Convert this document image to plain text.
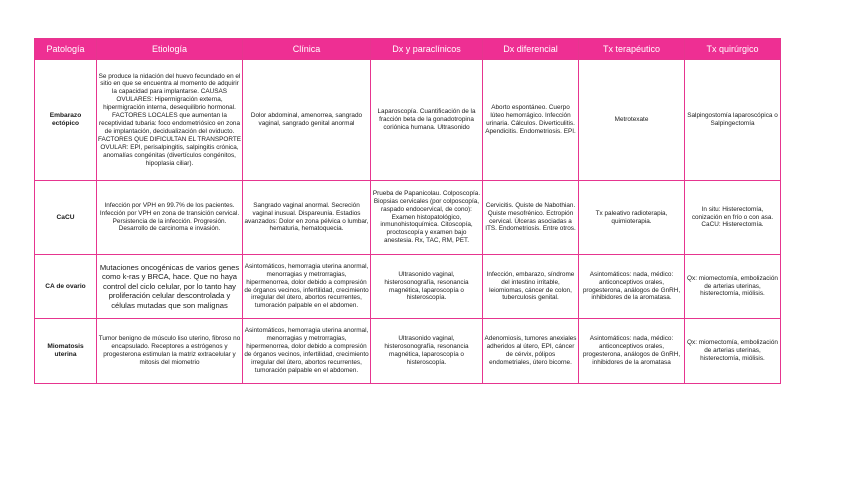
Patología	Etiología	Clínica	Dx y paraclínicos	Dx diferencial	Tx terapéutico	Tx quirúrgico
Embarazo ectópico	Se produce la nidación del huevo fecundado en el sitio en que se encuentra al momento de adquirir la capacidad para implantarse. CAUSAS OVULARES: Hipermigración externa, hipermigración interna, desequilibrio hormonal. FACTORES LOCALES que aumentan la receptividad tubaria: foco endometriósico en zona de implantación, decidualización del oviducto. FACTORES QUE DIFICULTAN EL TRANSPORTE OVULAR: EPI, perisalpingitis, salpingitis crónica, anomalías congénitas (divertículos congénitos, hipoplasia ciliar).	Dolor abdominal, amenorrea, sangrado vaginal, sangrado genital anormal	Laparoscopía. Cuantificación de la fracción beta de la gonadotropina coriónica humana. Ultrasonido	Aborto espontáneo. Cuerpo lúteo hemorrágico. Infección urinaria. Cálculos. Diverticulitis. Apendicitis. Endometriosis. EPI.	Metrotexate	Salpingostomía laparoscópica o Salpingectomía
CaCU	Infección por VPH en 99.7% de los pacientes. Infección por VPH en zona de transición cervical. Persistencia de la infección. Progresión. Desarrollo de carcinoma e invasión.	Sangrado vaginal anormal. Secreción vaginal inusual. Dispareunia. Estadios avanzados: Dolor en zona pélvica o lumbar, hematuria, hematoquecia.	Prueba de Papanicolau. Colposcopía. Biopsias cervicales (por colposcopía, raspado endocervical, de cono): Examen histopatológico, inmunohistoquímica. Citoscopía, proctoscopía y examen bajo anestesia. Rx, TAC, RM, PET.	Cervicitis. Quiste de Nabothian. Quiste mesofrénico. Ectropión cervical. Úlceras asociadas a ITS. Endometriosis. Entre otros.	Tx paleativo radioterapia, quimioterapia.	In situ: Histerectomía, conización en frío o con asa. CaCU: Histerectomía.
CA de ovario	Mutaciones oncogénicas de varios genes como k-ras y BRCA, hace. Que no haya control del ciclo celular, por lo tanto hay proliferación celular descontrolada y células mutadas que son malignas	Asintomáticos, hemorragia uterina anormal, menorragias y metrorragias, hipermenorrea, dolor debido a compresión de órganos vecinos, infertilidad, crecimiento irregular del útero, abortos recurrentes, tumoración palpable en el abdomen.	Ultrasonido vaginal, histerosonografía, resonancia magnética, laparoscopía o histeroscopía.	Infección, embarazo, síndrome del intestino irritable, leiomiomas, cáncer de colon, tuberculosis genital.	Asintomáticos: nada, médico: anticonceptivos orales, progesterona, análogos de GnRH, inhibidores de la aromatasa.	Qx: miomectomía, embolización de arterias uterinas, histerectomía, miólisis.
Miomatosis uterina	Tumor benigno de músculo liso uterino, fibroso no encapsulado. Receptores a estrógenos y progesterona estimulan la matriz extracelular y mitosis del miometrio	Asintomáticos, hemorragia uterina anormal, menorragias y metrorragias, hipermenorrea, dolor debido a compresión de órganos vecinos, infertilidad, crecimiento irregular del útero, abortos recurrentes, tumoración palpable en el abdomen.	Ultrasonido vaginal, histerosonografía, resonancia magnética, laparoscopía o histeroscopía.	Adenomiosis, tumores anexiales adheridos al útero, EPI, cáncer de cérvix, pólipos endometriales, útero bicorne.	Asintomáticos: nada, médico: anticonceptivos orales, progesterona, análogos de GnRH, inhibidores de la aromatasa	Qx: miomectomía, embolización de arterias uterinas, histerectomía, miólisis.
